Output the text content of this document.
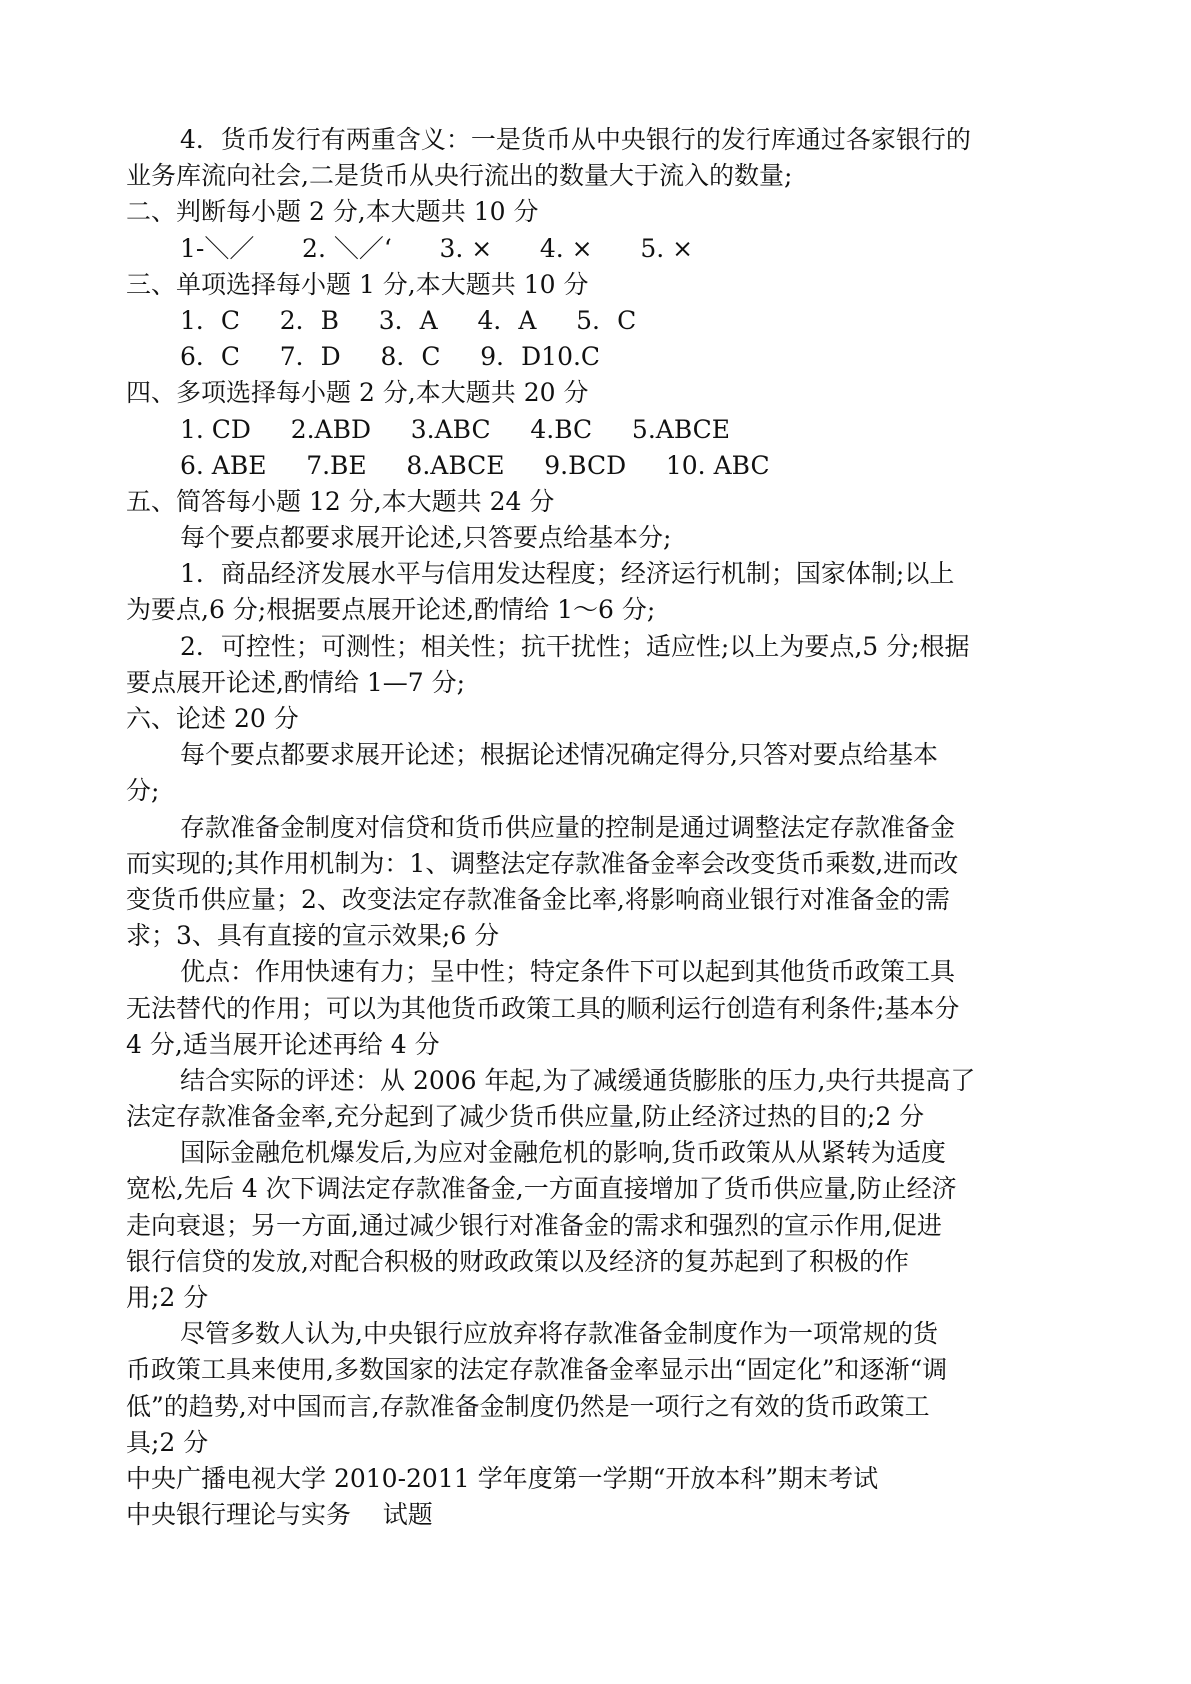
4．货币发行有两重含义：一是货币从中央银行的发行库通过各家银行的
业务库流向社会,二是货币从央行流出的数量大于流入的数量;
二、判断每小题 2 分,本大题共 10 分
1-＼／      2. ＼／‘      3. ×      4. ×      5. ×
三、单项选择每小题 1 分,本大题共 10 分
1．C     2．B     3．A     4．A     5．C
6．C     7．D     8．C     9．D10.C
四、多项选择每小题 2 分,本大题共 20 分
1. CD     2.ABD     3.ABC     4.BC     5.ABCE
6. ABE     7.BE     8.ABCE     9.BCD     10. ABC
五、简答每小题 12 分,本大题共 24 分
每个要点都要求展开论述,只答要点给基本分;
1．商品经济发展水平与信用发达程度；经济运行机制；国家体制;以上
为要点,6 分;根据要点展开论述,酌情给 1～6 分;
2．可控性；可测性；相关性；抗干扰性；适应性;以上为要点,5 分;根据
要点展开论述,酌情给 1—7 分;
六、论述 20 分
每个要点都要求展开论述；根据论述情况确定得分,只答对要点给基本
分;
存款准备金制度对信贷和货币供应量的控制是通过调整法定存款准备金
而实现的;其作用机制为：1、调整法定存款准备金率会改变货币乘数,进而改
变货币供应量；2、改变法定存款准备金比率,将影响商业银行对准备金的需
求；3、具有直接的宣示效果;6 分
优点：作用快速有力；呈中性；特定条件下可以起到其他货币政策工具
无法替代的作用；可以为其他货币政策工具的顺利运行创造有利条件;基本分
4 分,适当展开论述再给 4 分
结合实际的评述：从 2006 年起,为了减缓通货膨胀的压力,央行共提高了
法定存款准备金率,充分起到了减少货币供应量,防止经济过热的目的;2 分
国际金融危机爆发后,为应对金融危机的影响,货币政策从从紧转为适度
宽松,先后 4 次下调法定存款准备金,一方面直接增加了货币供应量,防止经济
走向衰退；另一方面,通过减少银行对准备金的需求和强烈的宣示作用,促进
银行信贷的发放,对配合积极的财政政策以及经济的复苏起到了积极的作
用;2 分
尽管多数人认为,中央银行应放弃将存款准备金制度作为一项常规的货
币政策工具来使用,多数国家的法定存款准备金率显示出“固定化”和逐渐“调
低”的趋势,对中国而言,存款准备金制度仍然是一项行之有效的货币政策工
具;2 分
中央广播电视大学 2010-2011 学年度第一学期“开放本科”期末考试
中央银行理论与实务    试题
